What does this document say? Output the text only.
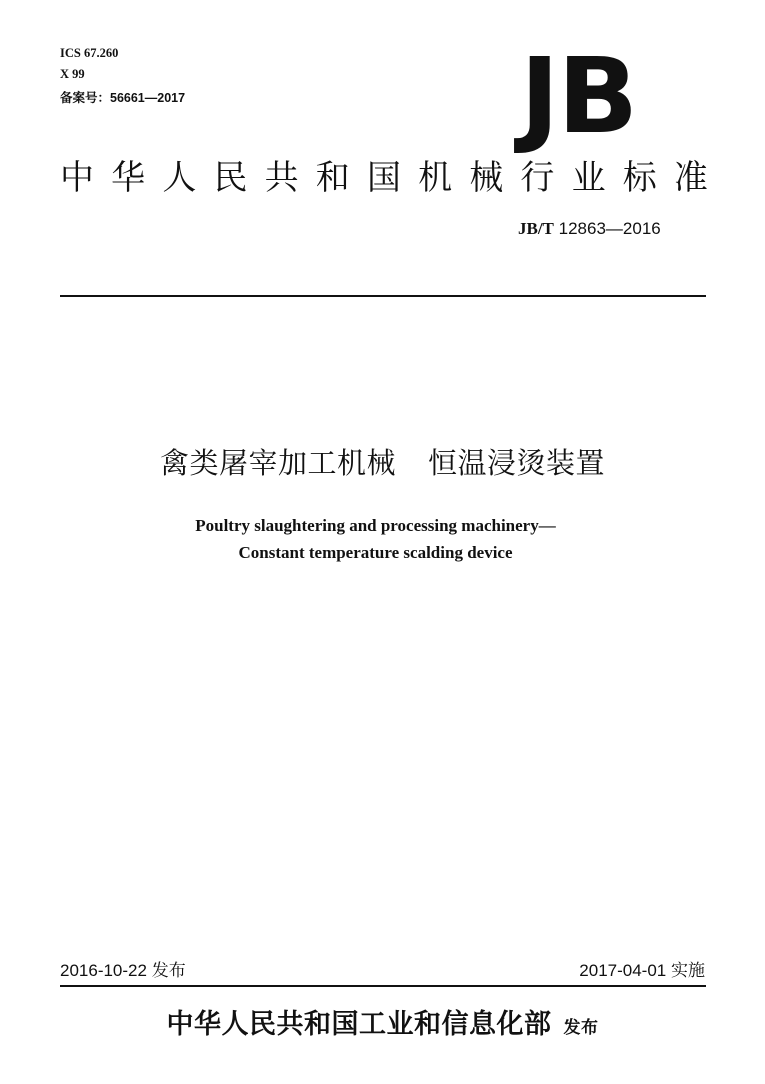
ICS 67.260
X 99
备案号：56661—2017	JB
中 华 人 民 共 和 国 机 械 行 业 标 准
JB/T 12863—2016
禽类屠宰加工机械 恒温浸烫装置
Poultry slaughtering and processing machinery—
Constant temperature scalding device
2016-10-22 发布	2017-04-01 实施
中华人民共和国工业和信息化部 发布
